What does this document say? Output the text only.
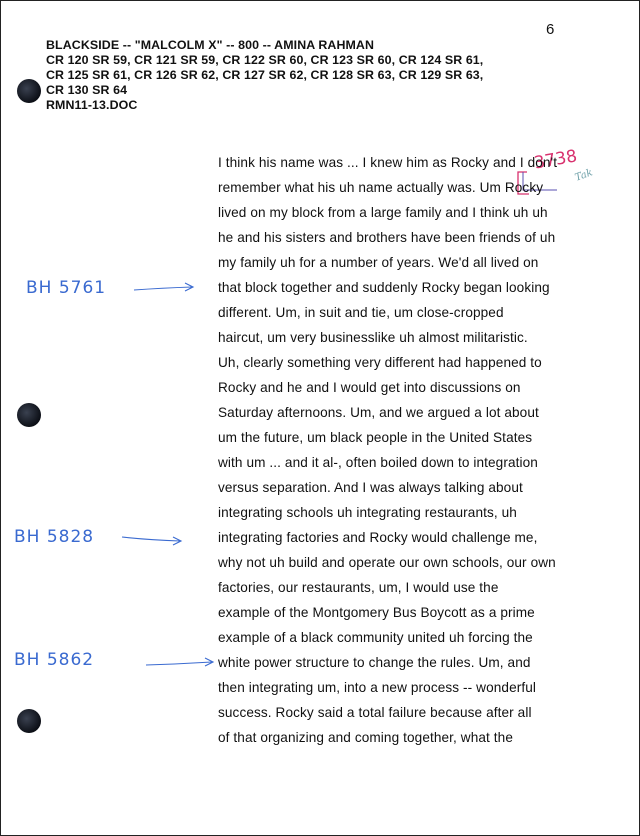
6
BLACKSIDE -- "MALCOLM X" -- 800 -- AMINA RAHMAN
CR 120 SR 59, CR 121 SR 59, CR 122 SR 60, CR 123 SR 60, CR 124 SR 61,
CR 125 SR 61, CR 126 SR 62, CR 127 SR 62, CR 128 SR 63, CR 129 SR 63,
CR 130 SR 64
RMN11-13.DOC
3738
Tak
BH 5761
BH 5828
BH 5862
I think his name was ... I knew him as Rocky and I don't
remember what his uh name actually was. Um Rocky
lived on my block from a large family and I think uh uh
he and his sisters and brothers have been friends of uh
my family uh for a number of years. We'd all lived on
that block together and suddenly Rocky began looking
different. Um, in suit and tie, um close-cropped
haircut, um very businesslike uh almost militaristic.
Uh, clearly something very different had happened to
Rocky and he and I would get into discussions on
Saturday afternoons. Um, and we argued a lot about
um the future, um black people in the United States
with um ... and it al-, often boiled down to integration
versus separation. And I was always talking about
integrating schools uh integrating restaurants, uh
integrating factories and Rocky would challenge me,
why not uh build and operate our own schools, our own
factories, our restaurants, um, I would use the
example of the Montgomery Bus Boycott as a prime
example of a black community united uh forcing the
white power structure to change the rules. Um, and
then integrating um, into a new process -- wonderful
success. Rocky said a total failure because after all
of that organizing and coming together, what the
